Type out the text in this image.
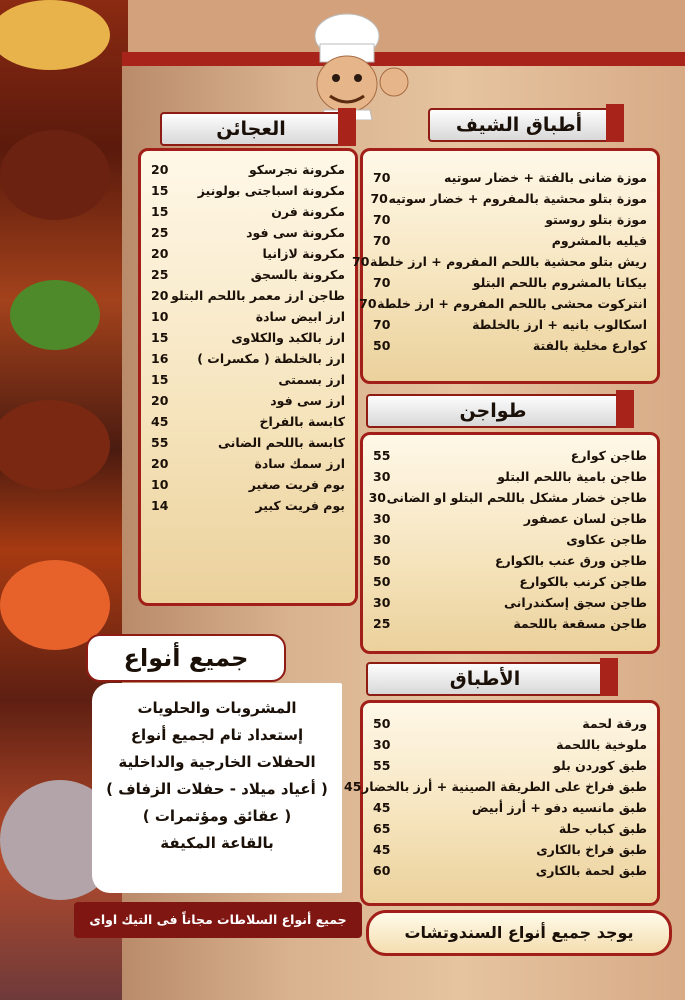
أطباق الشيف
العجائن
مكرونة نجرسكو
20
مكرونة اسباجتى بولونيز
15
مكرونة فرن
15
مكرونة سى فود
25
مكرونة لازانيا
20
مكرونة بالسجق
25
طاجن ارز معمر باللحم البتلو
20
ارز ابيض سادة
10
ارز بالكبد والكلاوى
15
ارز بالخلطة ( مكسرات )
16
ارز بسمتى
15
ارز سى فود
20
كابسة بالفراخ
45
كابسة باللحم الضانى
55
ارز سمك سادة
20
بوم فريت صغير
10
بوم فريت كبير
14
موزة ضانى بالفتة + خضار سوتيه
70
موزة بتلو محشية بالمفروم + خضار سوتيه
70
موزة بتلو روستو
70
فيليه بالمشروم
70
ريش بتلو محشية باللحم المفروم + ارز خلطة
70
بيكاتا بالمشروم باللحم البتلو
70
انتركوت محشى باللحم المفروم + ارز خلطة
70
اسكالوب بانيه + ارز بالخلطة
70
كوارع مخلية بالفتة
50
طواجن
طاجن كوارع
55
طاجن بامية باللحم البتلو
30
طاجن خضار مشكل باللحم البتلو او الضانى
30
طاجن لسان عصفور
30
طاجن عكاوى
30
طاجن ورق عنب بالكوارع
50
طاجن كرنب بالكوارع
50
طاجن سجق إسكندرانى
30
طاجن مسقعة باللحمة
25
الأطباق
ورقة لحمة
50
ملوخية باللحمة
30
طبق كوردن بلو
55
طبق فراخ على الطريقة الصينية + أرز بالخضار
45
طبق مانسيه دفو + أرز أبيض
45
طبق كباب حلة
65
طبق فراخ بالكارى
45
طبق لحمة بالكارى
60
جميع أنواع
المشروبات والحلويات
إستعداد تام لجميع أنواع
الحفلات الخارجية والداخلية
( أعياد ميلاد - حفلات الزفاف )
( عقائق ومؤتمرات )
بالقاعة المكيفة
جميع أنواع السلاطات مجاناً فى التيك اواى
يوجد جميع أنواع السندوتشات
